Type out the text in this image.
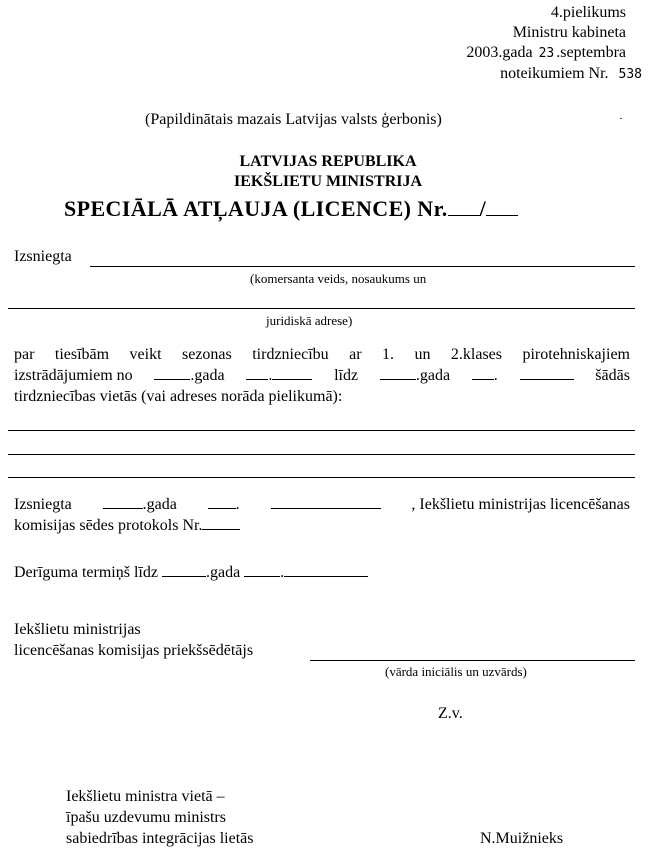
4.pielikums
Ministru kabineta
2003.gada 23 .septembra
noteikumiem Nr. 538
(Papildinātais mazais Latvijas valsts ģerbonis)
LATVIJAS REPUBLIKA
IEKŠLIETU MINISTRIJA
SPECIĀLĀ ATĻAUJA (LICENCE) Nr. /
Izsniegta
(komersanta veids, nosaukums un
juridiskā adrese)
par tiesībām veikt sezonas tirdzniecību ar 1. un 2.klases pirotehniskajiem
izstrādājumiem no	.gada	.	līdz	.gada	.	šādās
tirdzniecības vietās (vai adreses norāda pielikumā):
Izsniegta	.gada	.	, Iekšlietu ministrijas licencēšanas
komisijas sēdes protokols Nr.
Derīguma termiņš līdz	.gada	.
Iekšlietu ministrijas
licencēšanas komisijas priekšsēdētājs
(vārda iniciālis un uzvārds)
Z.v.
Iekšlietu ministra vietā –
īpašu uzdevumu ministrs
sabiedrības integrācijas lietās	N.Muižnieks
